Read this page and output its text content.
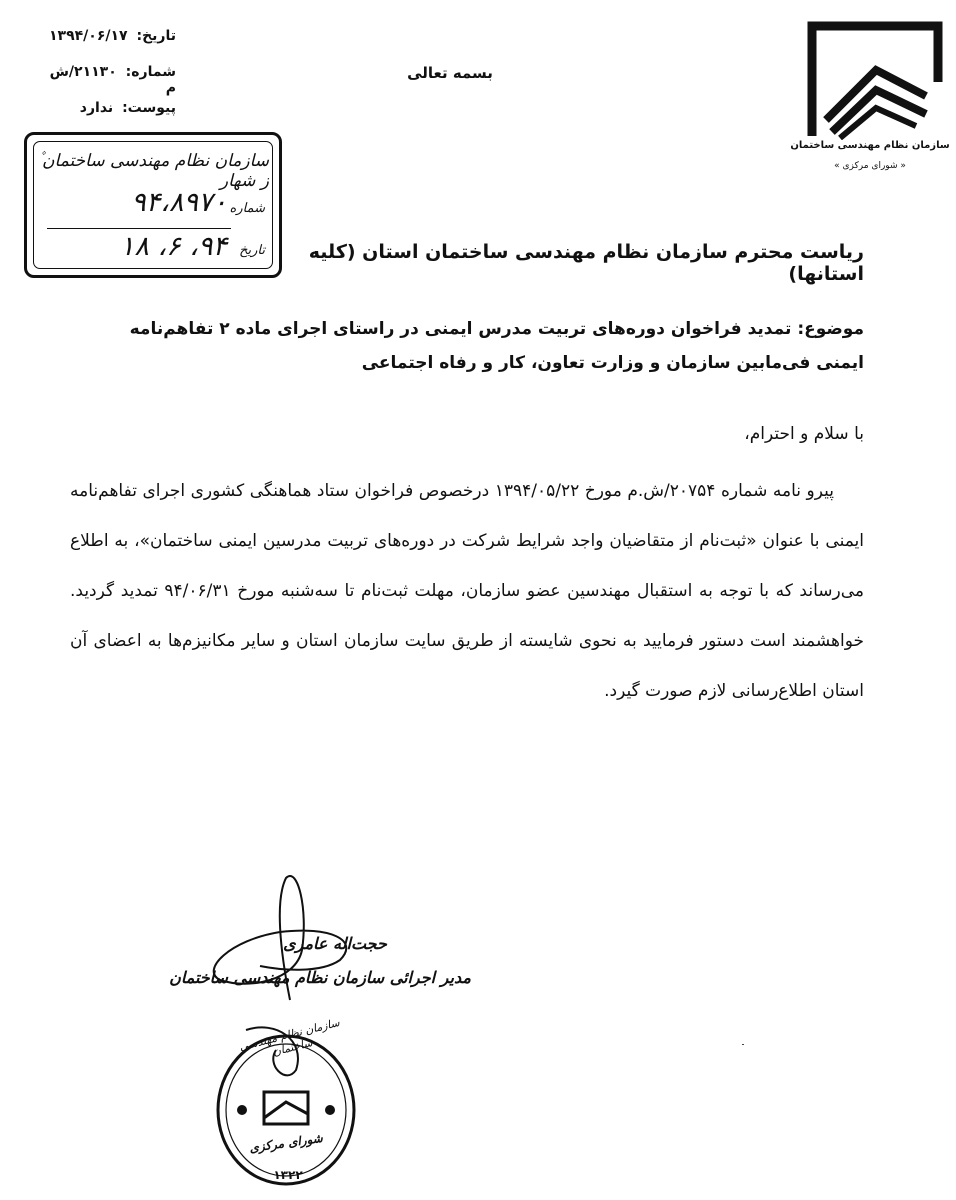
تاریخ: ۱۳۹۴/۰۶/۱۷
شماره: ۲۱۱۳۰/ش م
پیوست: ندارد
بسمه تعالی
سازمان نظام مهندسی ساختمان
« شورای مرکزی »
سازمان نظام مهندسی ساختمان ۫ ز شهار
شماره
۹۴،۸۹۷۰
تاریخ
۹۴، ۶، ۱۸	ریاست محترم سازمان نظام مهندسی ساختمان استان (کلیه استانها)
موضوع: تمدید فراخوان دوره‌های تربیت مدرس ایمنی در راستای اجرای ماده ۲ تفاهم‌نامه ایمنی فی‌مابین سازمان و وزارت تعاون، کار و رفاه اجتماعی
با سلام و احترام،

پیرو نامه شماره ۲۰۷۵۴/ش.م مورخ ۱۳۹۴/۰۵/۲۲ درخصوص فراخوان ستاد هماهنگی کشوری اجرای تفاهم‌نامه ایمنی با عنوان «ثبت‌نام از متقاضیان واجد شرایط شرکت در دوره‌های تربیت مدرسین ایمنی ساختمان»، به اطلاع می‌رساند که با توجه به استقبال مهندسین عضو سازمان، مهلت ثبت‌نام تا سه‌شنبه مورخ ۹۴/۰۶/۳۱ تمدید گردید. خواهشمند است دستور فرمایید به نحوی شایسته از طریق سایت سازمان استان و سایر مکانیزم‌ها به اعضای آن استان اطلاع‌رسانی لازم صورت گیرد.

حجت‌اله عامری
مدیر اجرائی سازمان نظام مهندسی ساختمان
سازمان نظام مهندسی ساختمان
شورای مرکزی
۱۳۲۲
